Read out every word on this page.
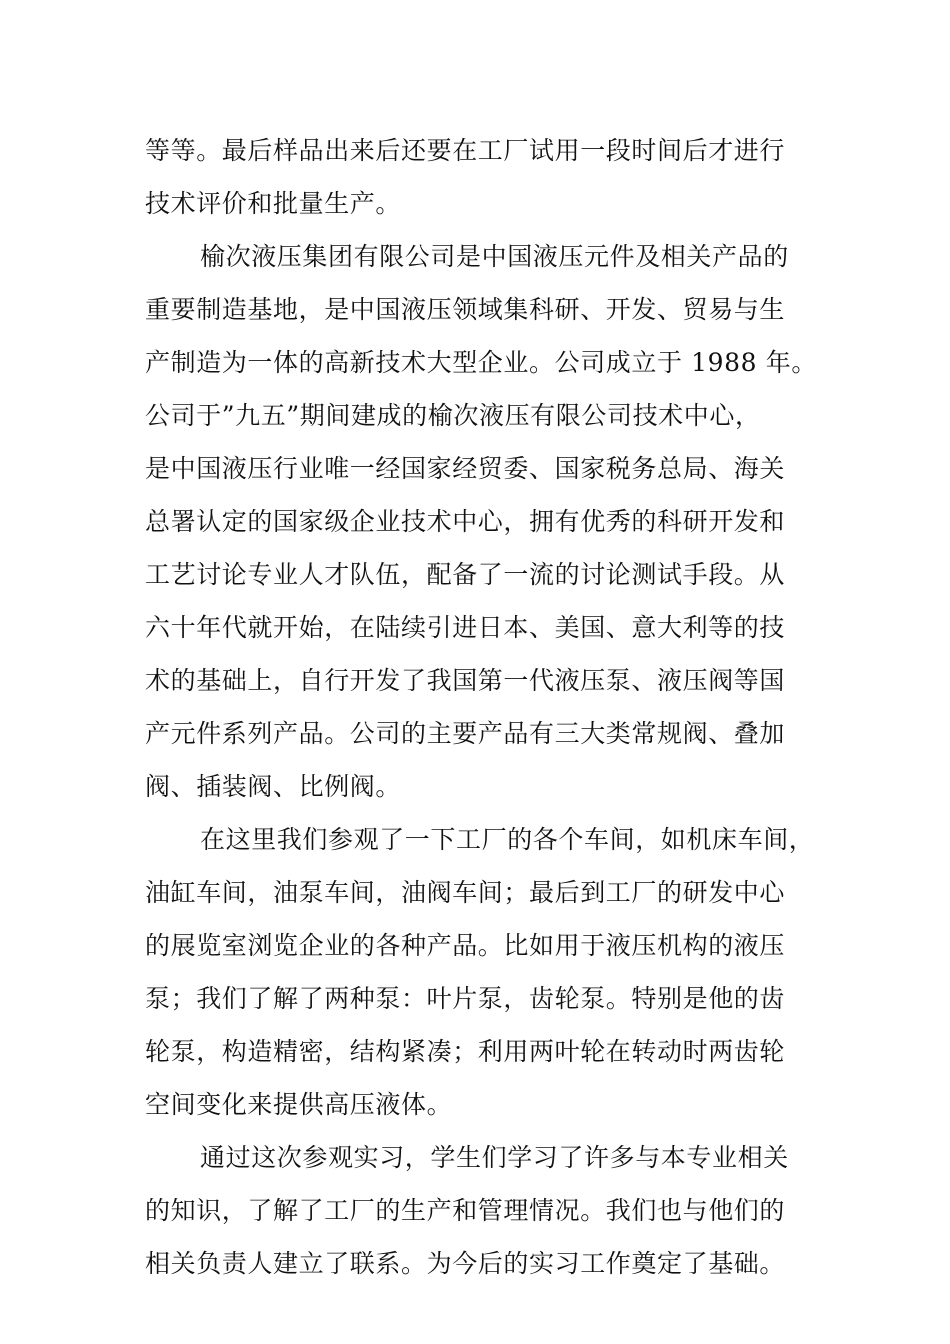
等等。最后样品出来后还要在工厂试用一段时间后才进行
技术评价和批量生产。
榆次液压集团有限公司是中国液压元件及相关产品的
重要制造基地，是中国液压领域集科研、开发、贸易与生
产制造为一体的高新技术大型企业。公司成立于 1988 年。
公司于”九五”期间建成的榆次液压有限公司技术中心，
是中国液压行业唯一经国家经贸委、国家税务总局、海关
总署认定的国家级企业技术中心，拥有优秀的科研开发和
工艺讨论专业人才队伍，配备了一流的讨论测试手段。从
六十年代就开始，在陆续引进日本、美国、意大利等的技
术的基础上，自行开发了我国第一代液压泵、液压阀等国
产元件系列产品。公司的主要产品有三大类常规阀、叠加
阀、插装阀、比例阀。
在这里我们参观了一下工厂的各个车间，如机床车间，
油缸车间，油泵车间，油阀车间；最后到工厂的研发中心
的展览室浏览企业的各种产品。比如用于液压机构的液压
泵；我们了解了两种泵：叶片泵，齿轮泵。特别是他的齿
轮泵，构造精密，结构紧凑；利用两叶轮在转动时两齿轮
空间变化来提供高压液体。
通过这次参观实习，学生们学习了许多与本专业相关
的知识，了解了工厂的生产和管理情况。我们也与他们的
相关负责人建立了联系。为今后的实习工作奠定了基础。
